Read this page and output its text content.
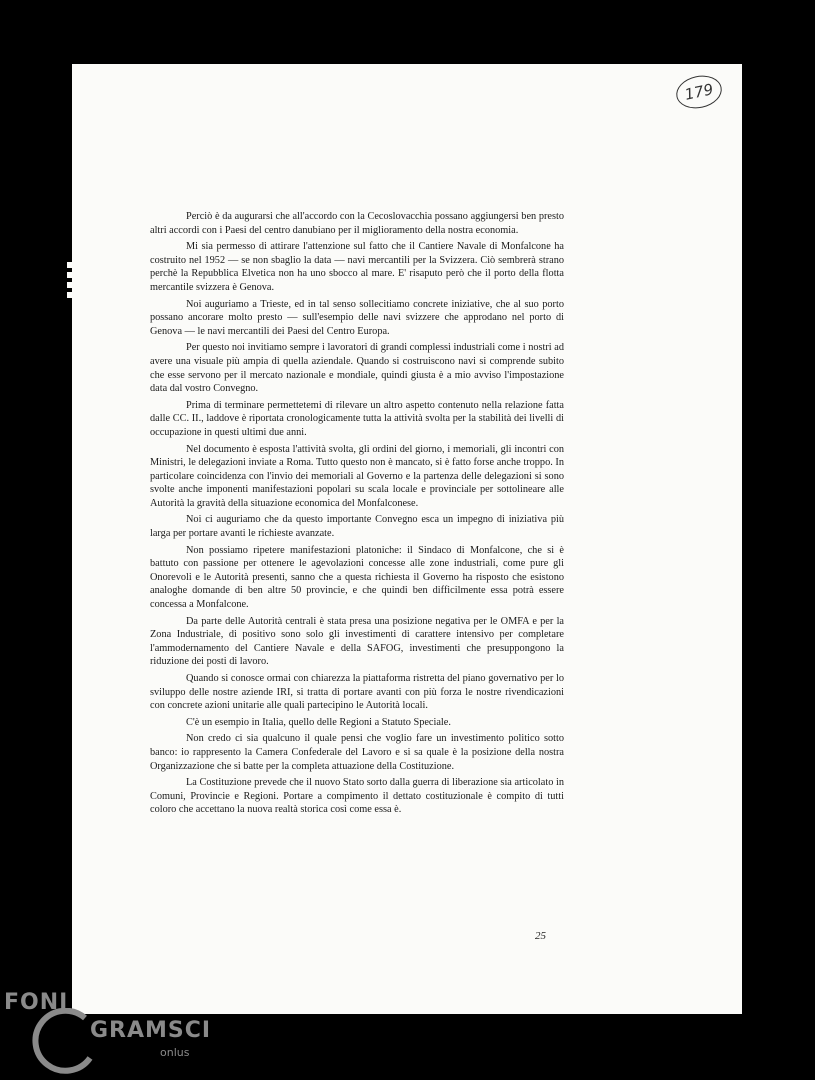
179

Perciò è da augurarsi che all'accordo con la Cecoslovacchia possano aggiungersi ben presto altri accordi con i Paesi del centro danubiano per il miglioramento della nostra economia.

Mi sia permesso di attirare l'attenzione sul fatto che il Cantiere Navale di Monfalcone ha costruito nel 1952 — se non sbaglio la data — navi mercantili per la Svizzera. Ciò sembrerà strano perchè la Repubblica Elvetica non ha uno sbocco al mare. E' risaputo però che il porto della flotta mercantile svizzera è Genova.

Noi auguriamo a Trieste, ed in tal senso sollecitiamo concrete iniziative, che al suo porto possano ancorare molto presto — sull'esempio delle navi svizzere che approdano nel porto di Genova — le navi mercantili dei Paesi del Centro Europa.

Per questo noi invitiamo sempre i lavoratori di grandi complessi industriali come i nostri ad avere una visuale più ampia di quella aziendale. Quando si costruiscono navi si comprende subito che esse servono per il mercato nazionale e mondiale, quindi giusta è a mio avviso l'impostazione data dal vostro Convegno.

Prima di terminare permettetemi di rilevare un altro aspetto contenuto nella relazione fatta dalle CC. II., laddove è riportata cronologicamente tutta la attività svolta per la stabilità dei livelli di occupazione in questi ultimi due anni.

Nel documento è esposta l'attività svolta, gli ordini del giorno, i memoriali, gli incontri con Ministri, le delegazioni inviate a Roma. Tutto questo non è mancato, si è fatto forse anche troppo. In particolare coincidenza con l'invio dei memoriali al Governo e la partenza delle delegazioni si sono svolte anche imponenti manifestazioni popolari su scala locale e provinciale per sottolineare alle Autorità la gravità della situazione economica del Monfalconese.

Noi ci auguriamo che da questo importante Convegno esca un impegno di iniziativa più larga per portare avanti le richieste avanzate.

Non possiamo ripetere manifestazioni platoniche: il Sindaco di Monfalcone, che si è battuto con passione per ottenere le agevolazioni concesse alle zone industriali, come pure gli Onorevoli e le Autorità presenti, sanno che a questa richiesta il Governo ha risposto che esistono analoghe domande di ben altre 50 provincie, e che quindi ben difficilmente essa potrà essere concessa a Monfalcone.

Da parte delle Autorità centrali è stata presa una posizione negativa per le OMFA e per la Zona Industriale, di positivo sono solo gli investimenti di carattere intensivo per completare l'ammodernamento del Cantiere Navale e della SAFOG, investimenti che presuppongono la riduzione dei posti di lavoro.

Quando si conosce ormai con chiarezza la piattaforma ristretta del piano governativo per lo sviluppo delle nostre aziende IRI, si tratta di portare avanti con più forza le nostre rivendicazioni con concrete azioni unitarie alle quali partecipino le Autorità locali.

C'è un esempio in Italia, quello delle Regioni a Statuto Speciale.

Non credo ci sia qualcuno il quale pensi che voglio fare un investimento politico sotto banco: io rappresento la Camera Confederale del Lavoro e si sa quale è la posizione della nostra Organizzazione che si batte per la completa attuazione della Costituzione.

La Costituzione prevede che il nuovo Stato sorto dalla guerra di liberazione sia articolato in Comuni, Provincie e Regioni. Portare a compimento il dettato costituzionale è compito di tutti coloro che accettano la nuova realtà storica così come essa è.

25
FONI
GRAMSCI
onlus
